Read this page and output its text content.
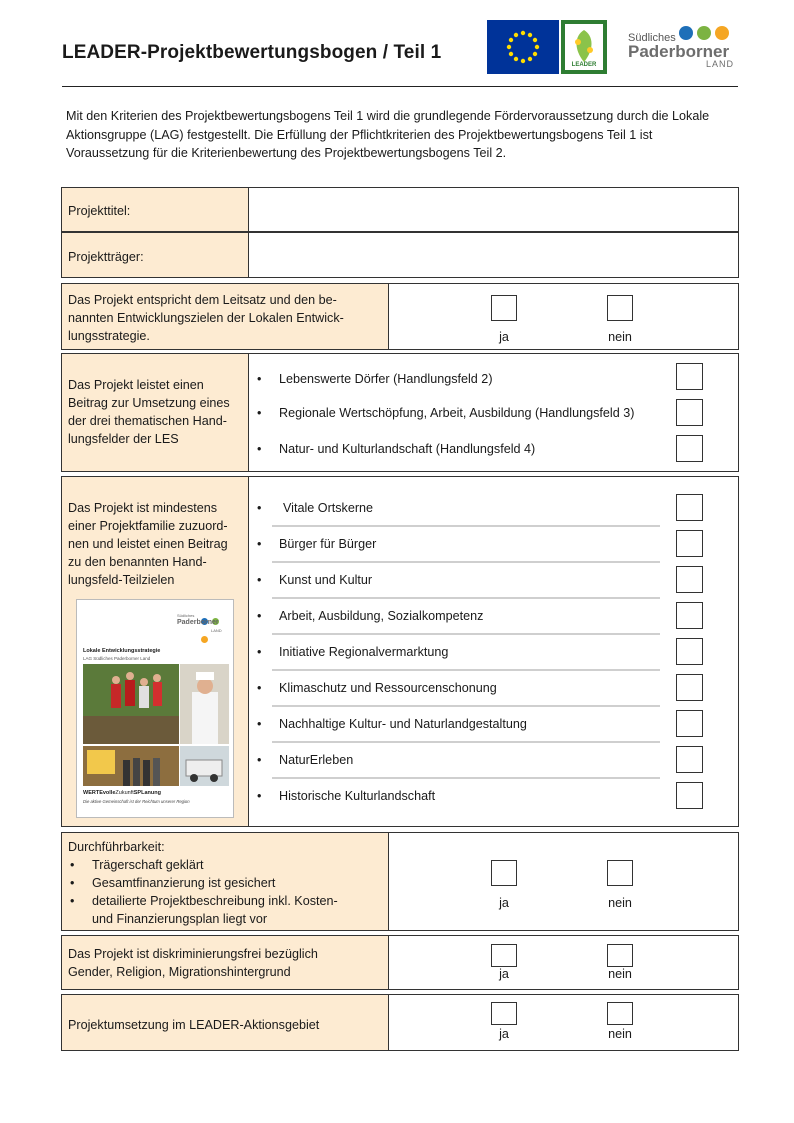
LEADER-Projektbewertungsbogen / Teil 1
LEADER
Südliches
Paderborner
LAND
Mit den Kriterien des Projektbewertungsbogens Teil 1 wird die grundlegende Fördervoraussetzung durch die Lokale Aktionsgruppe (LAG) festgestellt. Die Erfüllung der Pflichtkriterien des Projektbewertungsbogens Teil 1 ist Voraussetzung für die Kriterienbewertung des Projektbewertungsbogens Teil 2.
Projekttitel:
Projektträger:
Das Projekt entspricht dem Leitsatz und den be-
nannten Entwicklungszielen der Lokalen Entwick-
lungsstrategie.	ja	nein
Das Projekt leistet einen
Beitrag zur Umsetzung eines
der drei thematischen Hand-
lungsfelder der LES
• Lebenswerte Dörfer (Handlungsfeld 2)
• Regionale Wertschöpfung, Arbeit, Ausbildung (Handlungsfeld 3)
• Natur- und Kulturlandschaft (Handlungsfeld 4)
Das Projekt ist mindestens
einer Projektfamilie zuzuord-
nen und leistet einen Beitrag
zu den benannten Hand-
lungsfeld-Teilzielen

Südliches
Paderborner
LAND
Lokale Entwicklungsstrategie
LAG Südliches Paderborner Land
WERTEvolleZukunftSPLanung
Die aktive Gemeinschaft ist der Reichtum unserer Region
• Vitale Ortskerne
• Bürger für Bürger
• Kunst und Kultur
• Arbeit, Ausbildung, Sozialkompetenz
• Initiative Regionalvermarktung
• Klimaschutz und Ressourcenschonung
• Nachhaltige Kultur- und Naturlandgestaltung
• NaturErleben
• Historische Kulturlandschaft
Durchführbarkeit:
• Trägerschaft geklärt
• Gesamtfinanzierung ist gesichert
• detailierte Projektbeschreibung inkl. Kosten-
und Finanzierungsplan liegt vor
ja	nein
Das Projekt ist diskriminierungsfrei bezüglich
Gender, Religion, Migrationshintergrund	ja	nein
Projektumsetzung im LEADER-Aktionsgebiet
ja	nein
